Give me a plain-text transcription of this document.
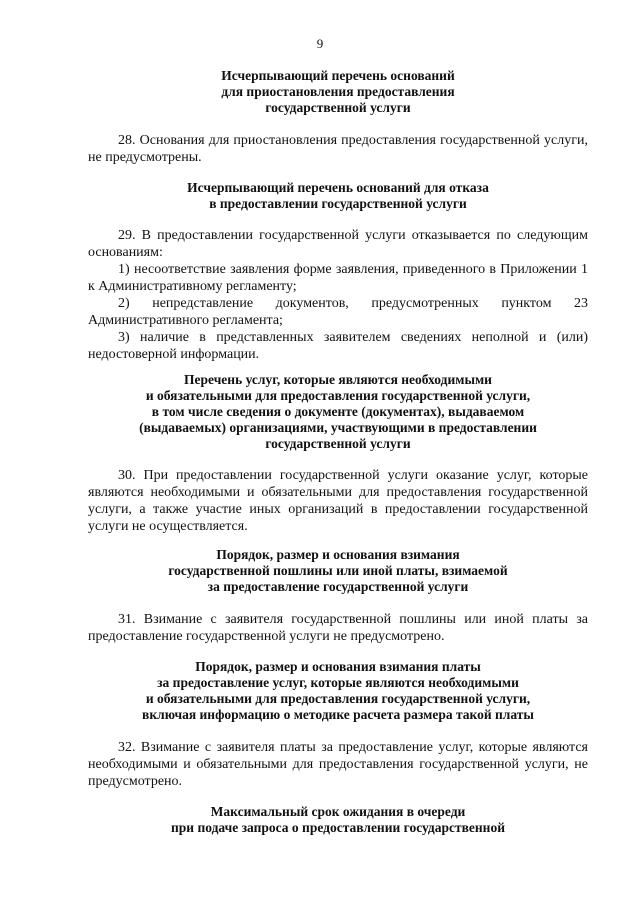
9
Исчерпывающий перечень оснований
для приостановления предоставления
государственной услуги
28. Основания для приостановления предоставления государственной услуги, не предусмотрены.
Исчерпывающий перечень оснований для отказа
в предоставлении государственной услуги
29. В предоставлении государственной услуги отказывается по следующим основаниям:
1) несоответствие заявления форме заявления, приведенного в Приложении 1 к Административному регламенту;
2) непредставление документов, предусмотренных пунктом 23 Административного регламента;
3) наличие в представленных заявителем сведениях неполной и (или) недостоверной информации.
Перечень услуг, которые являются необходимыми
и обязательными для предоставления государственной услуги,
в том числе сведения о документе (документах), выдаваемом
(выдаваемых) организациями, участвующими в предоставлении
государственной услуги
30. При предоставлении государственной услуги оказание услуг, которые являются необходимыми и обязательными для предоставления государственной услуги, а также участие иных организаций в предоставлении государственной услуги не осуществляется.
Порядок, размер и основания взимания
государственной пошлины или иной платы, взимаемой
за предоставление государственной услуги
31. Взимание с заявителя государственной пошлины или иной платы за предоставление государственной услуги не предусмотрено.
Порядок, размер и основания взимания платы
за предоставление услуг, которые являются необходимыми
и обязательными для предоставления государственной услуги,
включая информацию о методике расчета размера такой платы
32. Взимание с заявителя платы за предоставление услуг, которые являются необходимыми и обязательными для предоставления государственной услуги, не предусмотрено.
Максимальный срок ожидания в очереди
при подаче запроса о предоставлении государственной
